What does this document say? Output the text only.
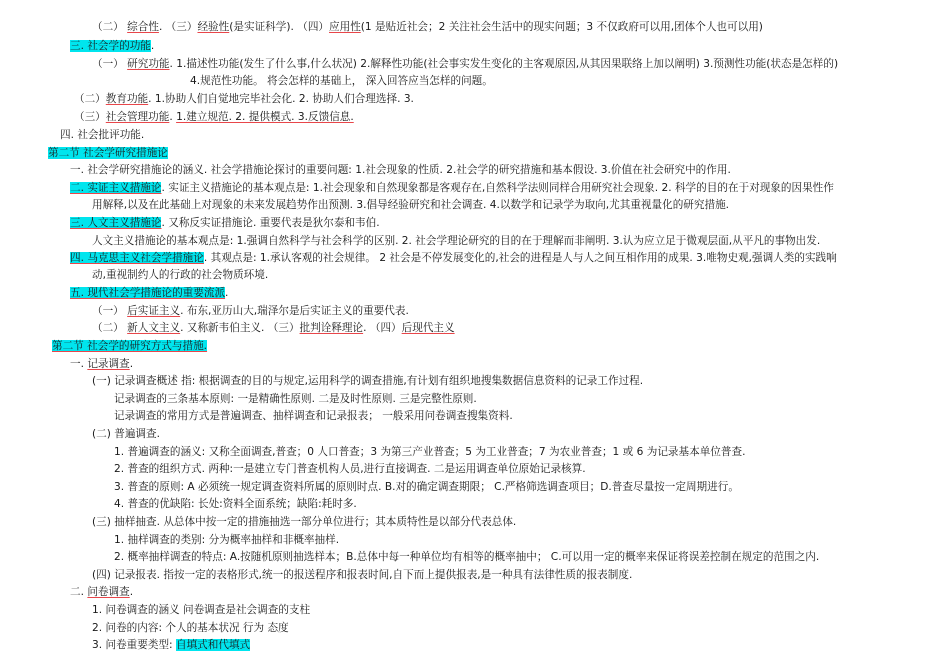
（二） 综合性. （三）经验性(是实证科学). （四）应用性(1 是贴近社会；2 关注社会生活中的现实问题；3 不仅政府可以用,团体个人也可以用)
三. 社会学的功能.
（一） 研究功能. 1.描述性功能(发生了什么事,什么状况) 2.解释性功能(社会事实发生变化的主客观原因,从其因果联络上加以阐明) 3.预测性功能(状态是怎样的)
4.规范性功能。 将会怎样的基础上， 深入回答应当怎样的问题。
（二）教育功能. 1.协助人们自觉地完毕社会化. 2. 协助人们合理选择. 3.
（三）社会管理功能. 1.建立规范. 2. 提供模式. 3.反馈信息.
四. 社会批评功能.
第二节 社会学研究措施论
一. 社会学研究措施论的涵义. 社会学措施论探讨的重要问题: 1.社会现象的性质. 2.社会学的研究措施和基本假设. 3.价值在社会研究中的作用.
二. 实证主义措施论. 实证主义措施论的基本观点是: 1.社会现象和自然现象都是客观存在,自然科学法则同样合用研究社会现象. 2. 科学的目的在于对现象的因果性作
用解释,以及在此基础上对现象的未来发展趋势作出预测. 3.倡导经验研究和社会调查. 4.以数学和记录学为取向,尤其重视量化的研究措施.
三. 人文主义措施论. 又称反实证措施论. 重要代表是狄尔泰和韦伯.
人文主义措施论的基本观点是: 1.强调自然科学与社会科学的区别. 2. 社会学理论研究的目的在于理解而非阐明. 3.认为应立足于微观层面,从平凡的事物出发.
四. 马克思主义社会学措施论. 其观点是: 1.承认客观的社会规律。 2 社会是不停发展变化的,社会的进程是人与人之间互相作用的成果. 3.唯物史观,强调人类的实践响
动,重视制约人的行政的社会物质环境.
五. 现代社会学措施论的重要流派.
（一） 后实证主义. 布东,亚历山大,瑞泽尔是后实证主义的重要代表.
（二） 新人文主义. 又称新韦伯主义. （三）批判诠释理论. （四）后现代主义
第二节 社会学的研究方式与措施.
一. 记录调查.
(一) 记录调查概述 指: 根据调查的目的与规定,运用科学的调查措施,有计划有组织地搜集数据信息资料的记录工作过程.
记录调查的三条基本原则: 一是精确性原则. 二是及时性原则. 三是完整性原则.
记录调查的常用方式是普遍调查、抽样调查和记录报表； 一般采用问卷调查搜集资料.
(二) 普遍调查.
1. 普遍调查的涵义: 又称全面调查,普查；0 人口普查；3 为第三产业普查；5 为工业普查；7 为农业普查；1 或 6 为记录基本单位普查.
2. 普查的组织方式. 两种:一是建立专门普查机构人员,进行直接调查. 二是运用调查单位原始记录核算.
3. 普查的原则: A 必须统一规定调查资料所属的原则时点. B.对的确定调查期限； C.严格筛选调查项目；D.普查尽量按一定周期进行。
4. 普查的优缺陷: 长处:资料全面系统；缺陷:耗时多.
(三) 抽样抽查. 从总体中按一定的措施抽选一部分单位进行；其本质特性是以部分代表总体.
1. 抽样调查的类别: 分为概率抽样和非概率抽样.
2. 概率抽样调查的特点: A.按随机原则抽选样本；B.总体中每一种单位均有相等的概率抽中； C.可以用一定的概率来保证将误差控制在规定的范围之内.
(四) 记录报表. 指按一定的表格形式,统一的报送程序和报表时间,自下而上提供报表,是一种具有法律性质的报表制度.
二. 问卷调查.
1. 问卷调查的涵义 问卷调查是社会调查的支柱
2. 问卷的内容: 个人的基本状况 行为 态度
3. 问卷重要类型: 自填式和代填式
